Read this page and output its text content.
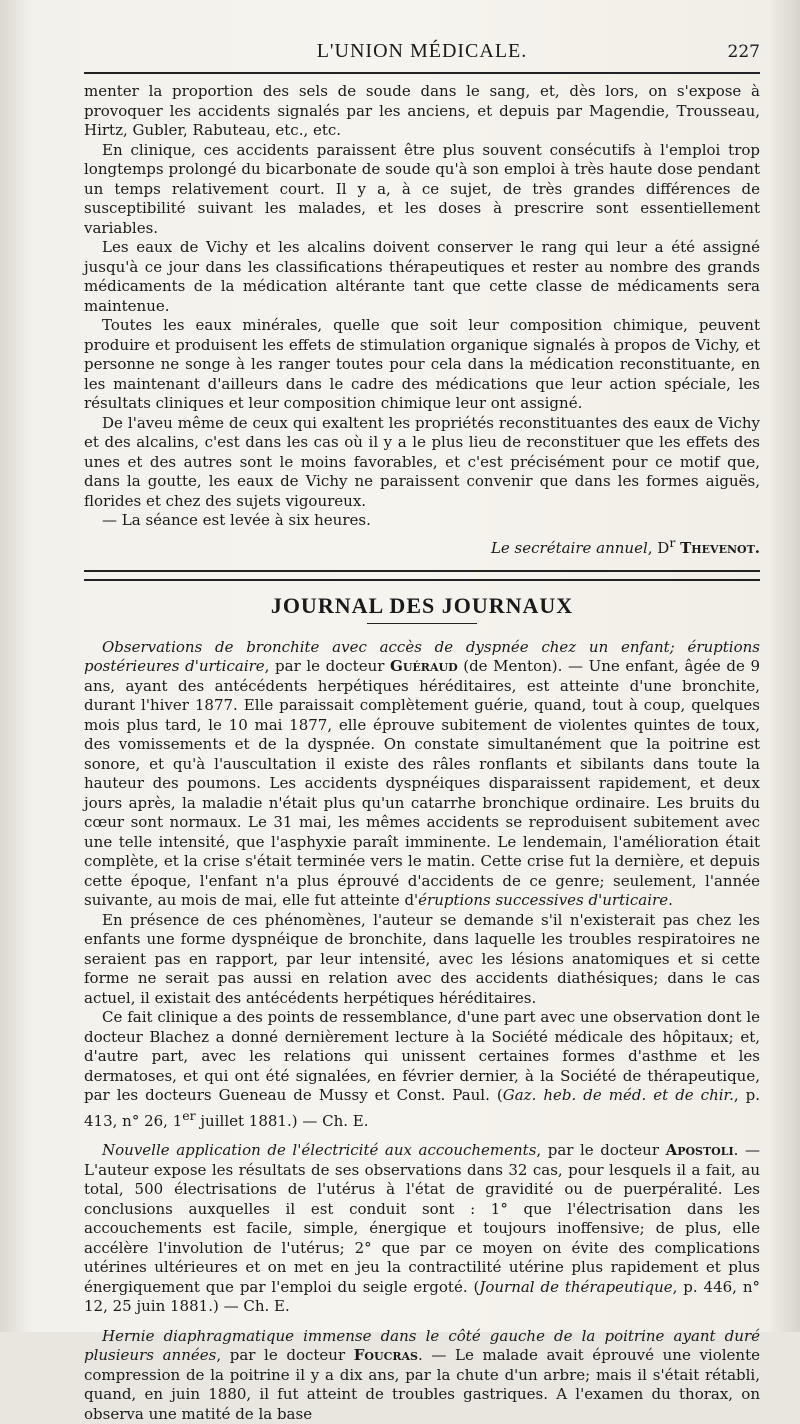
L'UNION MÉDICALE.	227

menter la proportion des sels de soude dans le sang, et, dès lors, on s'expose à provoquer les accidents signalés par les anciens, et depuis par Magendie, Trousseau, Hirtz, Gubler, Rabuteau, etc., etc.

En clinique, ces accidents paraissent être plus souvent consécutifs à l'emploi trop longtemps prolongé du bicarbonate de soude qu'à son emploi à très haute dose pendant un temps relativement court. Il y a, à ce sujet, de très grandes différences de susceptibilité suivant les malades, et les doses à prescrire sont essentiellement variables.

Les eaux de Vichy et les alcalins doivent conserver le rang qui leur a été assigné jusqu'à ce jour dans les classifications thérapeutiques et rester au nombre des grands médicaments de la médication altérante tant que cette classe de médicaments sera maintenue.

Toutes les eaux minérales, quelle que soit leur composition chimique, peuvent produire et produisent les effets de stimulation organique signalés à propos de Vichy, et personne ne songe à les ranger toutes pour cela dans la médication reconstituante, en les maintenant d'ailleurs dans le cadre des médications que leur action spéciale, les résultats cliniques et leur composition chimique leur ont assigné.

De l'aveu même de ceux qui exaltent les propriétés reconstituantes des eaux de Vichy et des alcalins, c'est dans les cas où il y a le plus lieu de reconstituer que les effets des unes et des autres sont le moins favorables, et c'est précisément pour ce motif que, dans la goutte, les eaux de Vichy ne paraissent convenir que dans les formes aiguës, florides et chez des sujets vigoureux.

— La séance est levée à six heures.

Le secrétaire annuel, $D^r$ Thevenot.
JOURNAL DES JOURNAUX

Observations de bronchite avec accès de dyspnée chez un enfant; éruptions postérieures d'urticaire, par le docteur Guéraud (de Menton). — Une enfant, âgée de 9 ans, ayant des antécédents herpétiques héréditaires, est atteinte d'une bronchite, durant l'hiver 1877. Elle paraissait complètement guérie, quand, tout à coup, quelques mois plus tard, le 10 mai 1877, elle éprouve subitement de violentes quintes de toux, des vomissements et de la dyspnée. On constate simultanément que la poitrine est sonore, et qu'à l'auscultation il existe des râles ronflants et sibilants dans toute la hauteur des poumons. Les accidents dyspnéiques disparaissent rapidement, et deux jours après, la maladie n'était plus qu'un catarrhe bronchique ordinaire. Les bruits du cœur sont normaux. Le 31 mai, les mêmes accidents se reproduisent subitement avec une telle intensité, que l'asphyxie paraît imminente. Le lendemain, l'amélioration était complète, et la crise s'était terminée vers le matin. Cette crise fut la dernière, et depuis cette époque, l'enfant n'a plus éprouvé d'accidents de ce genre; seulement, l'année suivante, au mois de mai, elle fut atteinte d'éruptions successives d'urticaire.

En présence de ces phénomènes, l'auteur se demande s'il n'existerait pas chez les enfants une forme dyspnéique de bronchite, dans laquelle les troubles respiratoires ne seraient pas en rapport, par leur intensité, avec les lésions anatomiques et si cette forme ne serait pas aussi en relation avec des accidents diathésiques; dans le cas actuel, il existait des antécédents herpétiques héréditaires.

Ce fait clinique a des points de ressemblance, d'une part avec une observation dont le docteur Blachez a donné dernièrement lecture à la Société médicale des hôpitaux; et, d'autre part, avec les relations qui unissent certaines formes d'asthme et les dermatoses, et qui ont été signalées, en février dernier, à la Société de thérapeutique, par les docteurs Gueneau de Mussy et Const. Paul. (Gaz. heb. de méd. et de chir., p. 413, n° 26, 1er juillet 1881.) — Ch. E.

Nouvelle application de l'électricité aux accouchements, par le docteur Apostoli. — L'auteur expose les résultats de ses observations dans 32 cas, pour lesquels il a fait, au total, 500 électrisations de l'utérus à l'état de gravidité ou de puerpéralité. Les conclusions auxquelles il est conduit sont : 1° que l'électrisation dans les accouchements est facile, simple, énergique et toujours inoffensive; de plus, elle accélère l'involution de l'utérus; 2° que par ce moyen on évite des complications utérines ultérieures et on met en jeu la contractilité utérine plus rapidement et plus énergiquement que par l'emploi du seigle ergoté. (Journal de thérapeutique, p. 446, n° 12, 25 juin 1881.) — Ch. E.

Hernie diaphragmatique immense dans le côté gauche de la poitrine ayant duré plusieurs années, par le docteur Foucras. — Le malade avait éprouvé une violente compression de la poitrine il y a dix ans, par la chute d'un arbre; mais il s'était rétabli, quand, en juin 1880, il fut atteint de troubles gastriques. A l'examen du thorax, on observa une matité de la base
